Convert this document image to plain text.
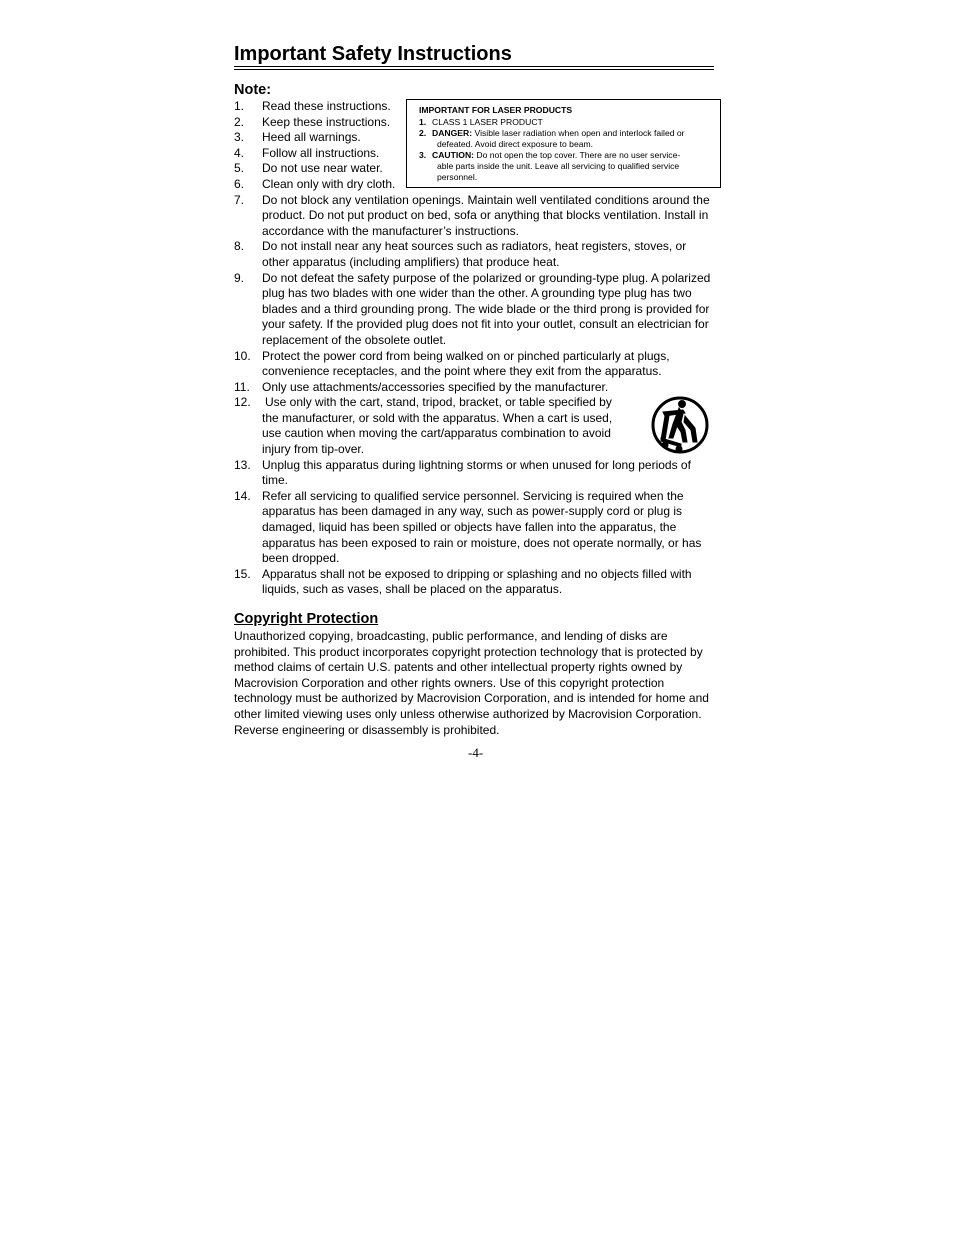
Important Safety Instructions

Note:

1. Read these instructions.
2. Keep these instructions.
3. Heed all warnings.
4. Follow all instructions.
5. Do not use near water.
6. Clean only with dry cloth.
7. Do not block any ventilation openings. Maintain well ventilated conditions around the product. Do not put product on bed, sofa or anything that blocks ventilation. Install in accordance with the manufacturer’s instructions.
8. Do not install near any heat sources such as radiators, heat registers, stoves, or other apparatus (including amplifiers) that produce heat.
9. Do not defeat the safety purpose of the polarized or grounding-type plug. A polarized plug has two blades with one wider than the other. A grounding type plug has two blades and a third grounding prong. The wide blade or the third prong is provided for your safety. If the provided plug does not fit into your outlet, consult an electrician for replacement of the obsolete outlet.
10. Protect the power cord from being walked on or pinched particularly at plugs, convenience receptacles, and the point where they exit from the apparatus.
11. Only use attachments/accessories specified by the manufacturer.
12. Use only with the cart, stand, tripod, bracket, or table specified by the manufacturer, or sold with the apparatus. When a cart is used, use caution when moving the cart/apparatus combination to avoid injury from tip-over.
13. Unplug this apparatus during lightning storms or when unused for long periods of time.
14. Refer all servicing to qualified service personnel. Servicing is required when the apparatus has been damaged in any way, such as power-supply cord or plug is damaged, liquid has been spilled or objects have fallen into the apparatus, the apparatus has been exposed to rain or moisture, does not operate normally, or has been dropped.
15. Apparatus shall not be exposed to dripping or splashing and no objects filled with liquids, such as vases, shall be placed on the apparatus.

IMPORTANT FOR LASER PRODUCTS

1. CLASS 1 LASER PRODUCT

2. DANGER: Visible laser radiation when open and interlock failed or
defeated. Avoid direct exposure to beam.

3. CAUTION: Do not open the top cover. There are no user service-
able parts inside the unit. Leave all servicing to qualified service personnel.

Copyright Protection

Unauthorized copying, broadcasting, public performance, and lending of disks are prohibited. This product incorporates copyright protection technology that is protected by method claims of certain U.S. patents and other intellectual property rights owned by Macrovision Corporation and other rights owners. Use of this copyright protection technology must be authorized by Macrovision Corporation, and is intended for home and other limited viewing uses only unless otherwise authorized by Macrovision Corporation. Reverse engineering or disassembly is prohibited.

-4-
